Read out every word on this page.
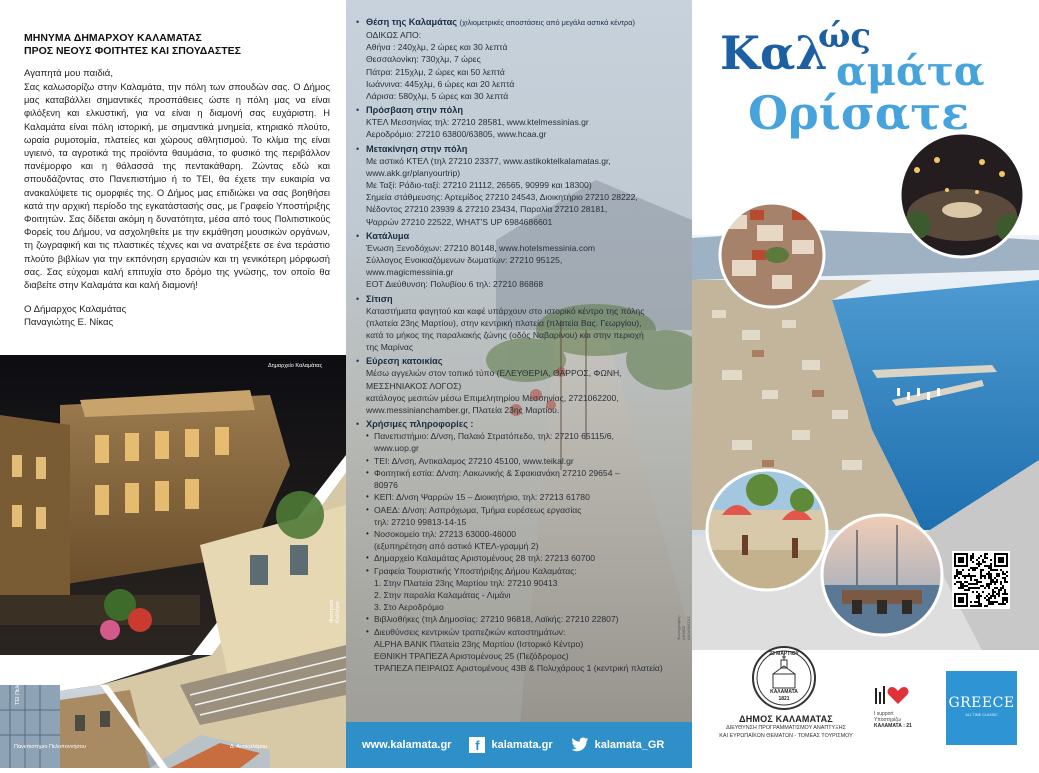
ΜΗΝΥΜΑ ΔΗΜΑΡΧΟΥ ΚΑΛΑΜΑΤΑΣ
ΠΡΟΣ ΝΕΟΥΣ ΦΟΙΤΗΤΕΣ ΚΑΙ ΣΠΟΥΔΑΣΤΕΣ
Αγαπητά μου παιδιά,
Σας καλωσορίζω στην Καλαμάτα, την πόλη των σπουδών σας. Ο Δήμος μας καταβάλλει σημαντικές προσπάθειες ώστε η πόλη μας να είναι φιλόξενη και ελκυστική, για να είναι η διαμονή σας ευχάριστη. Η Καλαμάτα είναι πόλη ιστορική, με σημαντικά μνημεία, κτηριακό πλούτο, ωραία ρυμοτομία, πλατείες και χώρους αθλητισμού. Το κλίμα της είναι υγιεινό, τα αγροτικά της προϊόντα θαυμάσια, το φυσικό της περιβάλλον πανέμορφο και η θάλασσά της πεντακάθαρη. Ζώντας εδώ και σπουδάζοντας στο Πανεπιστήμιο ή το ΤΕΙ, θα έχετε την ευκαιρία να ανακαλύψετε τις ομορφιές της. Ο Δήμος μας επιδιώκει να σας βοηθήσει κατά την αρχική περίοδο της εγκατάστασής σας, με Γραφείο Υποστήριξης Φοιτητών. Σας δίδεται ακόμη η δυνατότητα, μέσα από τους Πολιτιστικούς Φορείς του Δήμου, να ασχοληθείτε με την εκμάθηση μουσικών οργάνων, τη ζωγραφική και τις πλαστικές τέχνες και να ανατρέξετε σε ένα τεράστιο πλούτο βιβλίων για την εκπόνηση εργασιών και τη γενικότερη μόρφωσή σας. Σας εύχομαι καλή επιτυχία στο δρόμο της γνώσης, τον οποίο θα διαβείτε στην Καλαμάτα και καλή διαμονή!
Ο Δήμαρχος Καλαμάτας
Παναγιώτης Ε. Νίκας
Δημαρχείο Καλαμάτας
Φοιτητικό Κολλέγιο
ΤΕΙ Πελοποννήσου
Πανεπιστήμιο Πελοποννήσου	Δ. Αντικαλάμου
• Θέση της Καλαμάτας (χιλιομετρικές αποστάσεις από μεγάλα αστικά κέντρα)
ΟΔΙΚΩΣ ΑΠΟ:
Αθήνα : 240χλμ, 2 ώρες και 30 λεπτά
Θεσσαλονίκη: 730χλμ, 7 ώρες
Πάτρα: 215χλμ, 2 ώρες και 50 λεπτά
Ιωάννινα: 445χλμ, 6 ώρες και 20 λεπτά
Λάρισα: 580χλμ, 5 ώρες και 30 λεπτά
• Πρόσβαση στην πόλη
ΚΤΕΛ Μεσσηνίας τηλ: 27210 28581, www.ktelmessinias.gr
Αεροδρόμιο: 27210 63800/63805, www.hcaa.gr
• Μετακίνηση στην πόλη
Με αστικό ΚΤΕΛ (τηλ 27210 23377, www.astikoktelkalamatas.gr,
www.akk.gr/planyourtrip)
Με Ταξί: Ράδιο-ταξί: 27210 21112, 26565, 90999 και 18300)
Σημεία στάθμευσης: Αρτεμίδος 27210 24543, Διοικητήριο 27210 28222,
Νέδοντος 27210 23939 & 27210 23434, Παραλία 27210 28181,
Ψαρρών 27210 22522, WHAT'S UP 6984686601
• Κατάλυμα
Ένωση Ξενοδόχων: 27210 80148, www.hotelsmessinia.com
Σύλλογος Ενοικιαζόμενων δωματίων: 27210 95125,
www.magicmessinia.gr
ΕΟΤ Διεύθυνση: Πολυβίου 6 τηλ: 27210 86868
• Σίτιση
Καταστήματα φαγητού και καφέ υπάρχουν στο ιστορικό κέντρο της πόλης
(πλατεία 23ης Μαρτίου), στην κεντρική πλατεία (πλατεία Βας. Γεωργίου),
κατά το μήκος της παραλιακής ζώνης (οδός Ναβαρίνου) και στην περιοχή
της Μαρίνας
• Εύρεση κατοικίας
Μέσω αγγελιών στον τοπικό τύπο (ΕΛΕΥΘΕΡΙΑ, ΘΑΡΡΟΣ, ΦΩΝΗ,
ΜΕΣΣΗΝΙΑΚΟΣ ΛΟΓΟΣ)
κατάλογος μεσιτών μέσω Επιμελητηρίου Μεσσηνίας, 2721062200,
www.messinianchamber.gr, Πλατεία 23ης Μαρτίου.
• Χρήσιμες πληροφορίες :
• Πανεπιστήμιο: Δ/νση, Παλαιό Στρατόπεδο, τηλ: 27210 65115/6,
www.uop.gr
• ΤΕΙ: Δ/νση, Αντικαλαμος 27210 45100, www.teikal.gr
• Φοιτητική εστία: Δ/νση: Λακωνικής & Σφακιανάκη 27210 29654 –
80976
• ΚΕΠ: Δ/νση Ψαρρών 15 – Διοικητήριο, τηλ: 27213 61780
• ΟΑΕΔ: Δ/νση: Ασπρόχωμα, Τμήμα ευρέσεως εργασίας
τηλ: 27210 99813-14-15
• Νοσοκομείο τηλ: 27213 63000-46000
(εξυπηρέτηση από αστικό ΚΤΕΛ-γραμμή 2)
• Δημαρχείο Καλαμάτας Αριστομένους 28 τηλ: 27213 60700
• Γραφεία Τουριστικής Υποστήριξης Δήμου Καλαμάτας:
1. Στην Πλατεία 23ης Μαρτίου τηλ: 27210 90413
2. Στην παραλία Καλαμάτας - Λιμάνι
3. Στο Αεροδρόμιο
• Βιβλιοθήκες (τηλ Δημοσίας: 27210 96818, Λαϊκής: 27210 22807)
• Διευθύνσεις κεντρικών τραπεζικών καταστημάτων:
ALPHA BANK Πλατεία 23ης Μαρτίου (Ιστορικό Κέντρο)
ΕΘΝΙΚΗ ΤΡΑΠΕΖΑ Αριστομένους 25 (Πεζόδρομος)
ΤΡΑΠΕΖΑ ΠΕΙΡΑΙΩΣ Αριστομένους 43Β & Πολυχάρους 1 (κεντρική πλατεία)
Φωτογραφίες: ΔΗΜΟΣ ΚΑΛΑΜΑΤΑΣ
www.kalamata.gr	f	kalamata.gr	kalamata_GR
Καλ
ώς
αμάτα
Ορίσατε
23 ΜΑΡΤΙΟΥ
ΚΑΛΑΜΑΤΑ
1821
ΔΗΜΟΣ ΚΑΛΑΜΑΤΑΣ
ΔΙΕΥΘΥΝΣΗ ΠΡΟΓΡΑΜΜΑΤΙΣΜΟΥ ΑΝΑΠΤΥΞΗΣ
ΚΑΙ ΕΥΡΩΠΑΪΚΩΝ ΘΕΜΑΤΩΝ - ΤΟΜΕΑΣ ΤΟΥΡΙΣΜΟΥ
I support
Υποστηρίζω
ΚΑΛΑΜΑΤΑ : 21
GREECE
ALL TIME CLASSIC
